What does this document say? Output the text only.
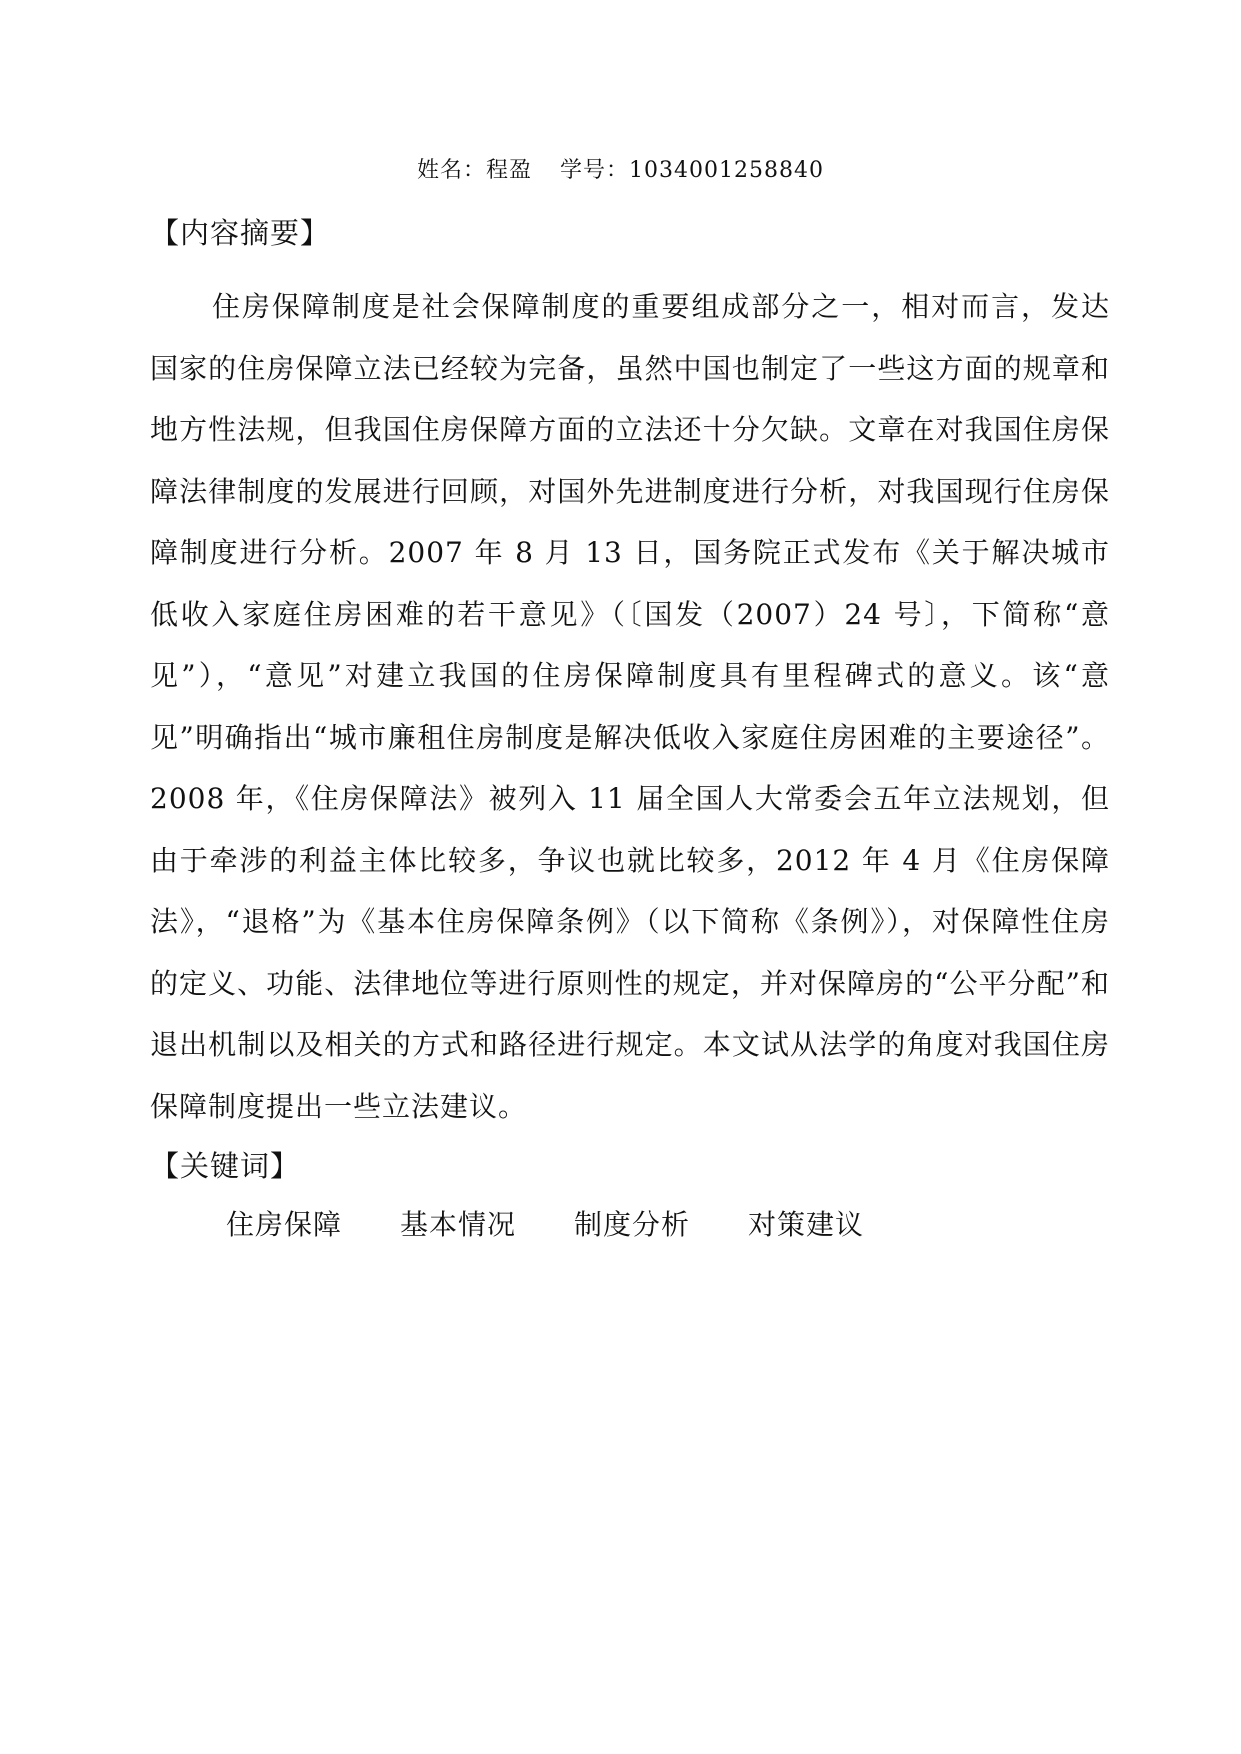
姓名：程盈 学号：1034001258840
【内容摘要】

住房保障制度是社会保障制度的重要组成部分之一，相对而言，发达国家的住房保障立法已经较为完备，虽然中国也制定了一些这方面的规章和地方性法规，但我国住房保障方面的立法还十分欠缺。文章在对我国住房保障法律制度的发展进行回顾，对国外先进制度进行分析，对我国现行住房保障制度进行分析。2007 年 8 月 13 日，国务院正式发布《关于解决城市低收入家庭住房困难的若干意见》（〔国发（2007）24 号〕，下简称“意见”），“意见”对建立我国的住房保障制度具有里程碑式的意义。该“意见”明确指出“城市廉租住房制度是解决低收入家庭住房困难的主要途径”。2008 年，《住房保障法》被列入 11 届全国人大常委会五年立法规划，但由于牵涉的利益主体比较多，争议也就比较多，2012 年 4 月《住房保障法》，“退格”为《基本住房保障条例》（以下简称《条例》），对保障性住房的定义、功能、法律地位等进行原则性的规定，并对保障房的“公平分配”和退出机制以及相关的方式和路径进行规定。本文试从法学的角度对我国住房保障制度提出一些立法建议。

【关键词】
住房保障 基本情况 制度分析 对策建议
